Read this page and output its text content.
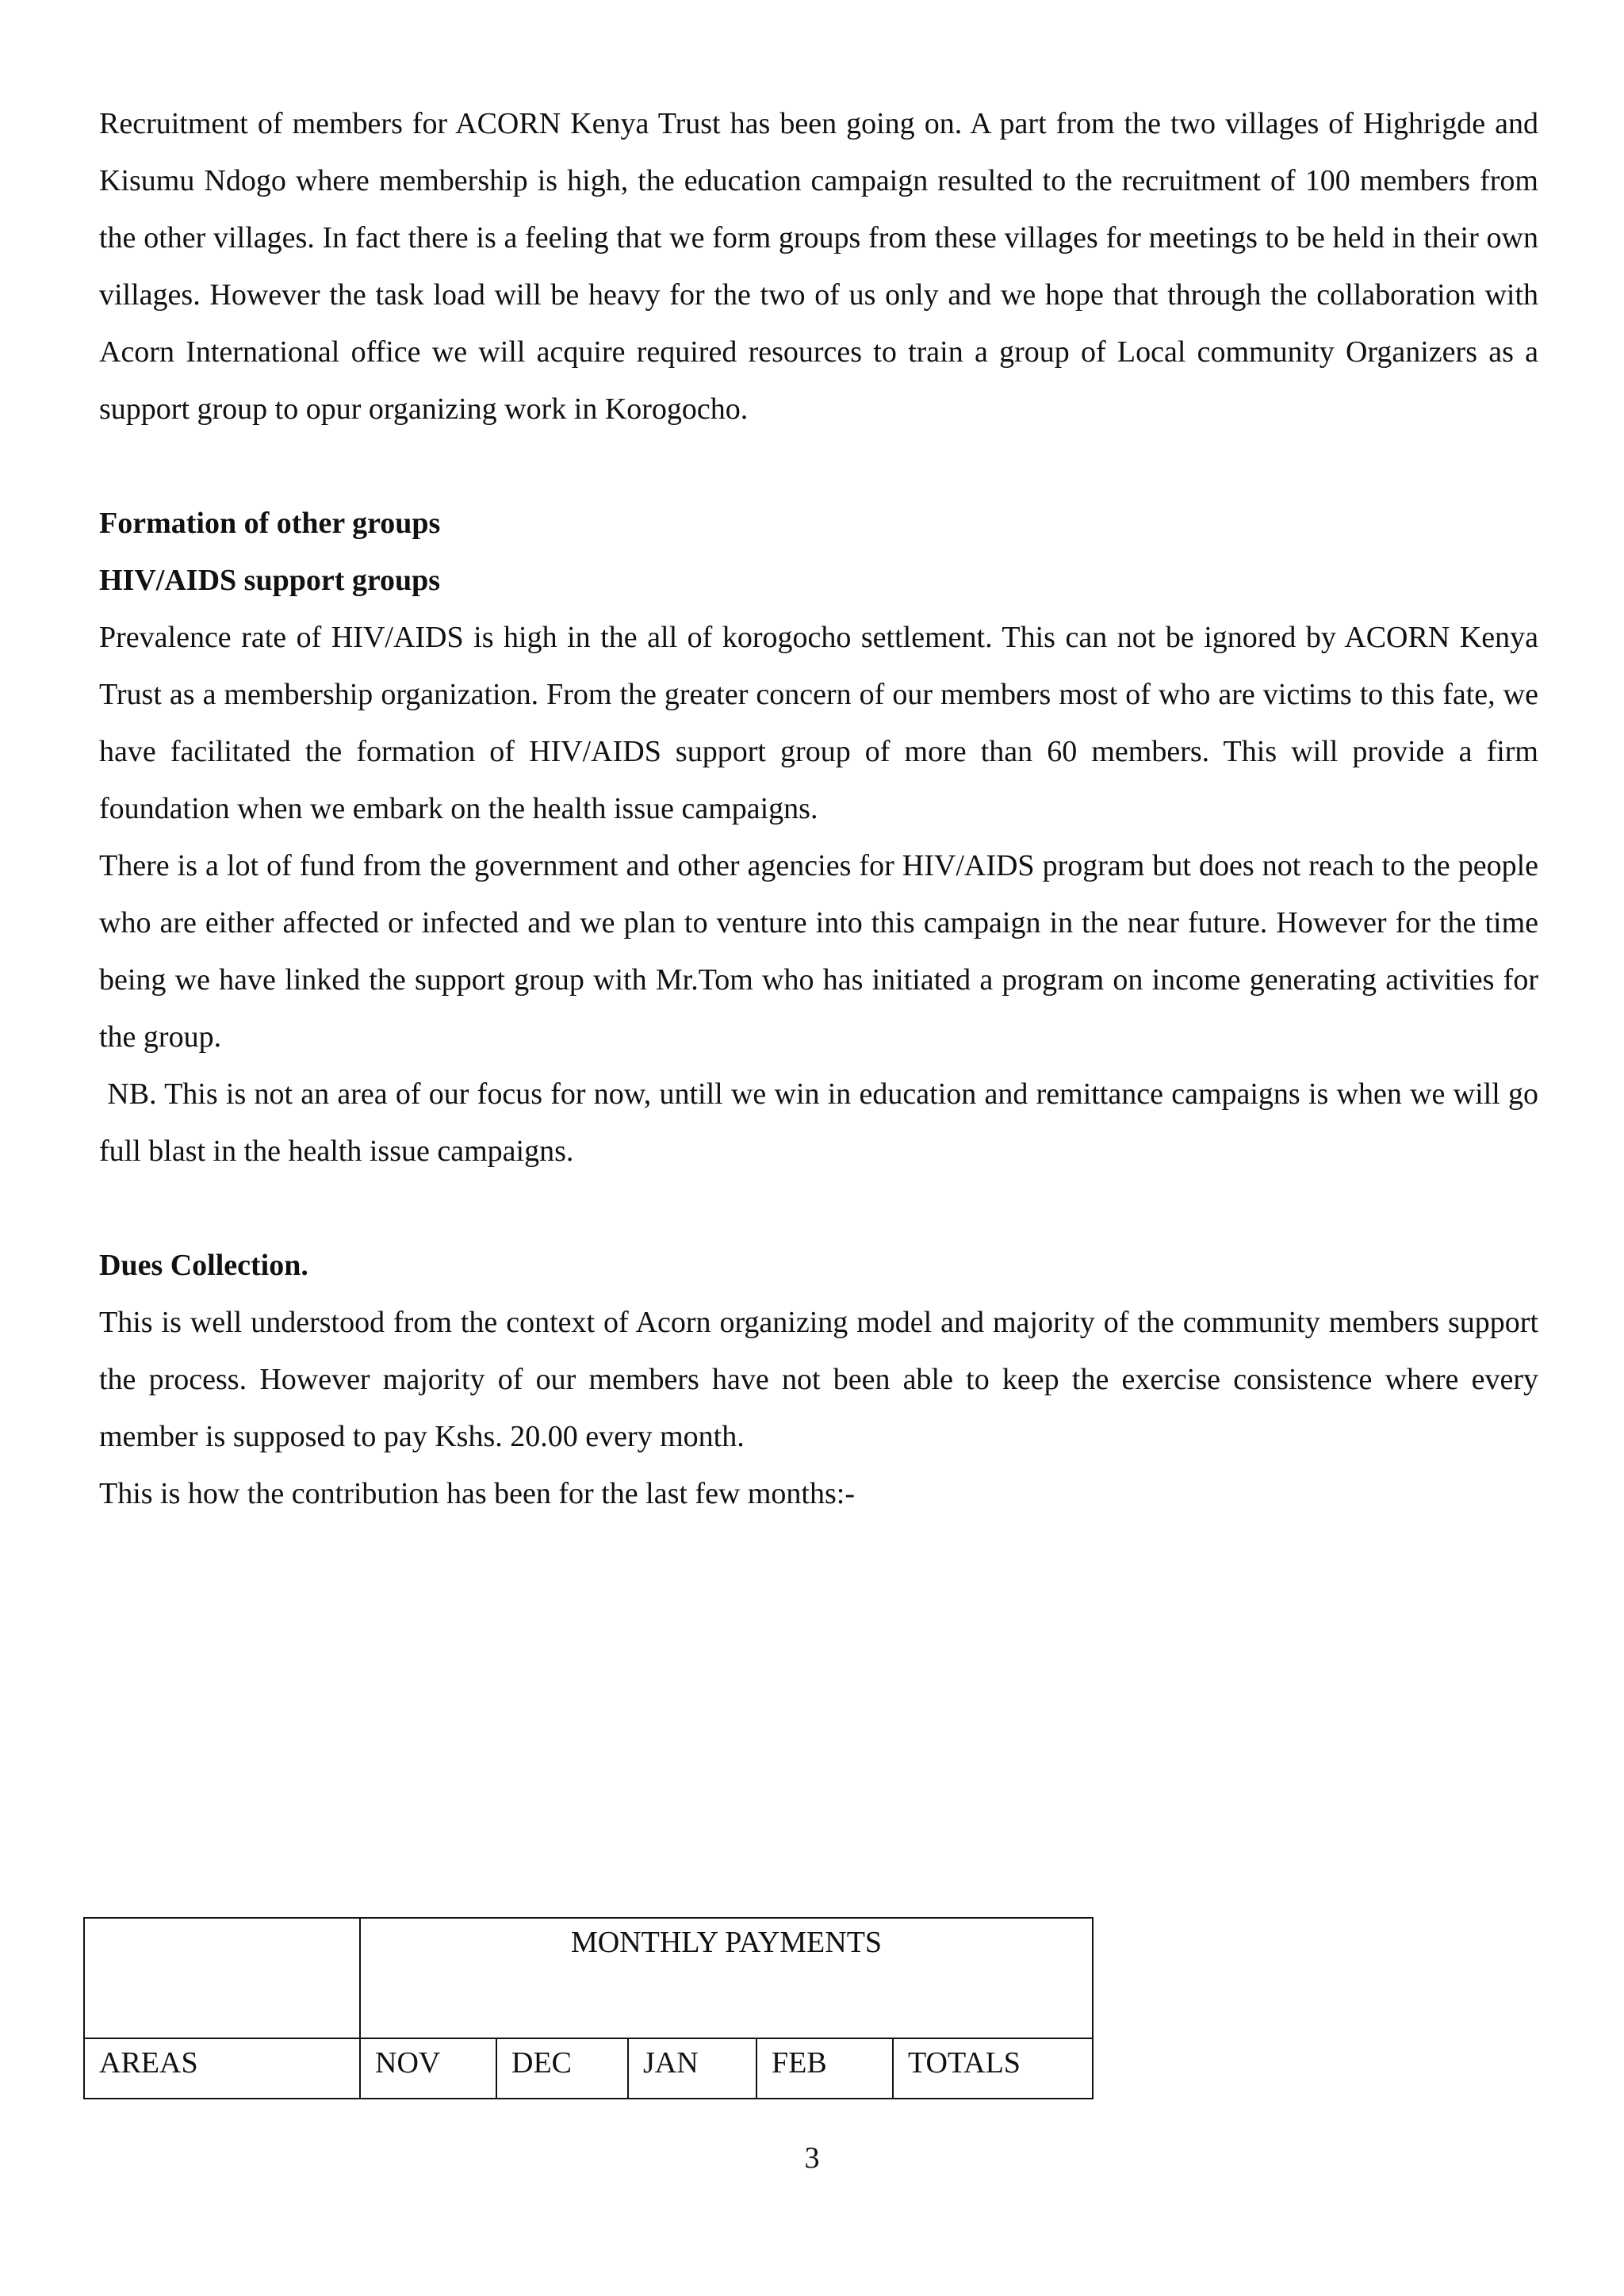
Recruitment of members for ACORN Kenya Trust has been going on. A part from the two villages of Highrigde and Kisumu Ndogo where membership is high, the education campaign resulted to the recruitment of 100 members from the other villages. In fact there is a feeling that we form groups from these villages for meetings to be held in their own villages. However the task load will be heavy for the two of us only and we hope that through the collaboration with Acorn International office we will acquire required resources to train a group of Local community Organizers as a support group to opur organizing work in Korogocho.

Formation of other groups

HIV/AIDS support groups

Prevalence rate of HIV/AIDS is high in the all of korogocho settlement. This can not be ignored by ACORN Kenya Trust as a membership organization. From the greater concern of our members most of who are victims to this fate, we have facilitated the formation of HIV/AIDS support group of more than 60 members. This will provide a firm foundation when we embark on the health issue campaigns.

There is a lot of fund from the government and other agencies for HIV/AIDS program but does not reach to the people who are either affected or infected and we plan to venture into this campaign in the near future. However for the time being we have linked the support group with Mr.Tom who has initiated a program on income generating activities for the group.

NB. This is not an area of our focus for now, untill we win in education and remittance campaigns is when we will go full blast in the health issue campaigns.

Dues Collection.

This is well understood from the context of Acorn organizing model and majority of the community members support the process. However majority of our members have not been able to keep the exercise consistence where every member is supposed to pay Kshs. 20.00 every month.

This is how the contribution has been for the last few months:-

	MONTHLY PAYMENTS				
AREAS	NOV	DEC	JAN	FEB	TOTALS
3
